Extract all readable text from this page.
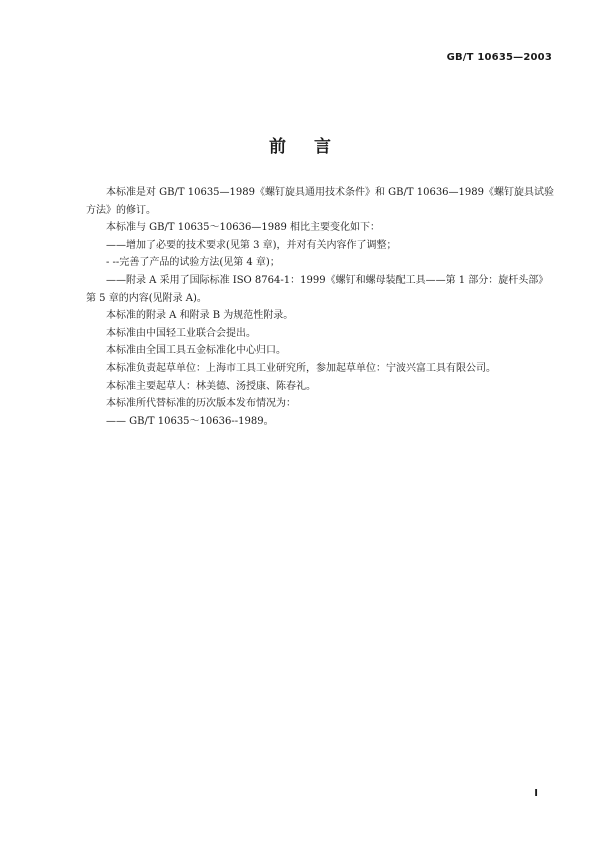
GB/T 10635—2003
前言

本标准是对 GB/T 10635—1989《螺钉旋具通用技术条件》和 GB/T 10636—1989《螺钉旋具试验方法》的修订。

本标准与 GB/T 10635～10636—1989 相比主要变化如下：

——增加了必要的技术要求(见第 3 章)，并对有关内容作了调整；

- --完善了产品的试验方法(见第 4 章)；

——附录 A 采用了国际标准 ISO 8764-1：1999《螺钉和螺母装配工具——第 1 部分：旋杆头部》第 5 章的内容(见附录 A)。

本标准的附录 A 和附录 B 为规范性附录。

本标准由中国轻工业联合会提出。

本标准由全国工具五金标准化中心归口。

本标准负责起草单位：上海市工具工业研究所，参加起草单位：宁波兴富工具有限公司。

本标准主要起草人：林美德、汤授康、陈春礼。

本标准所代替标准的历次版本发布情况为：

—— GB/T 10635～10636--1989。

I
